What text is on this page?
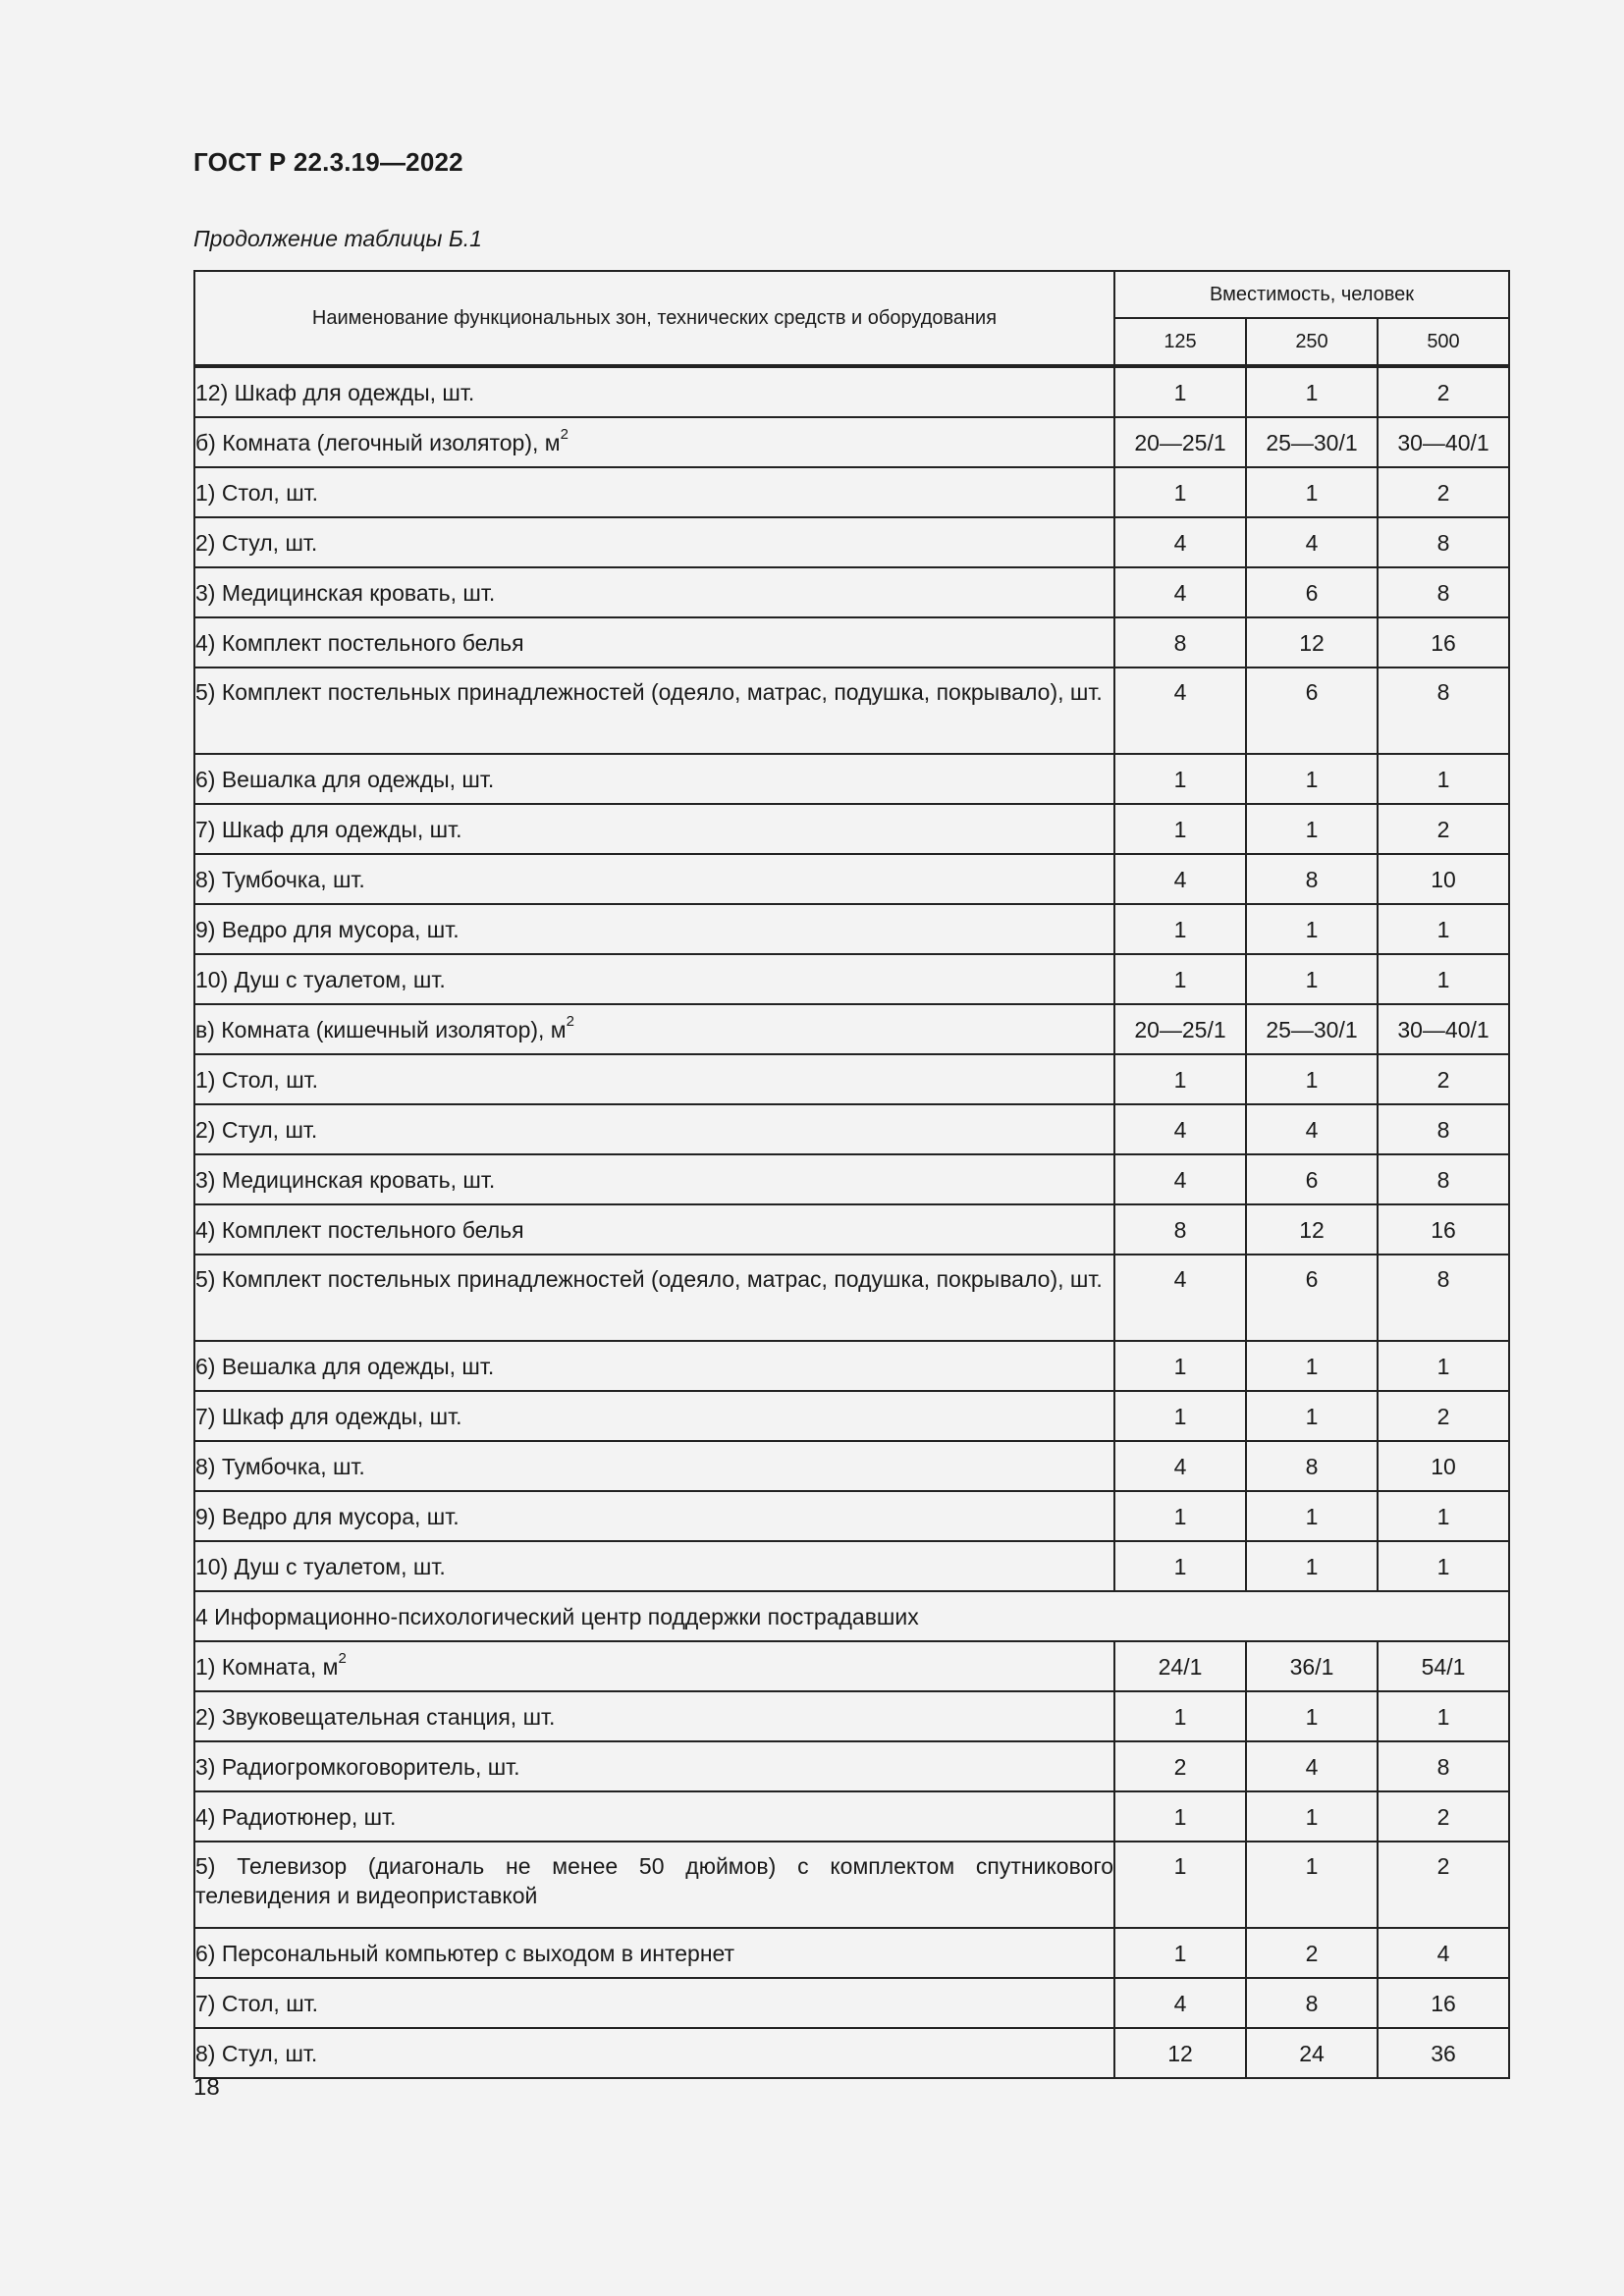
ГОСТ Р 22.3.19—2022
Продолжение таблицы Б.1
Наименование функциональных зон, технических средств и оборудования	Вместимость, человек		
	125	250	500
12) Шкаф для одежды, шт.	1	1	2
б) Комната (легочный изолятор), $м^2$	20—25/1	25—30/1	30—40/1
1) Стол, шт.	1	1	2
2) Стул, шт.	4	4	8
3) Медицинская кровать, шт.	4	6	8
4) Комплект постельного белья	8	12	16
5) Комплект постельных принадлежностей (одеяло, матрас, подушка, покрывало), шт.	4	6	8
6) Вешалка для одежды, шт.	1	1	1
7) Шкаф для одежды, шт.	1	1	2
8) Тумбочка, шт.	4	8	10
9) Ведро для мусора, шт.	1	1	1
10) Душ с туалетом, шт.	1	1	1
в) Комната (кишечный изолятор), $м^2$	20—25/1	25—30/1	30—40/1
1) Стол, шт.	1	1	2
2) Стул, шт.	4	4	8
3) Медицинская кровать, шт.	4	6	8
4) Комплект постельного белья	8	12	16
5) Комплект постельных принадлежностей (одеяло, матрас, подушка, покрывало), шт.	4	6	8
6) Вешалка для одежды, шт.	1	1	1
7) Шкаф для одежды, шт.	1	1	2
8) Тумбочка, шт.	4	8	10
9) Ведро для мусора, шт.	1	1	1
10) Душ с туалетом, шт.	1	1	1
4 Информационно-психологический центр поддержки пострадавших			
1) Комната, $м^2$	24/1	36/1	54/1
2) Звуковещательная станция, шт.	1	1	1
3) Радиогромкоговоритель, шт.	2	4	8
4) Радиотюнер, шт.	1	1	2
5) Телевизор (диагональ не менее 50 дюймов) с комплектом спутникового телевидения и видеоприставкой	1	1	2
6) Персональный компьютер с выходом в интернет	1	2	4
7) Стол, шт.	4	8	16
8) Стул, шт.	12	24	36
18
